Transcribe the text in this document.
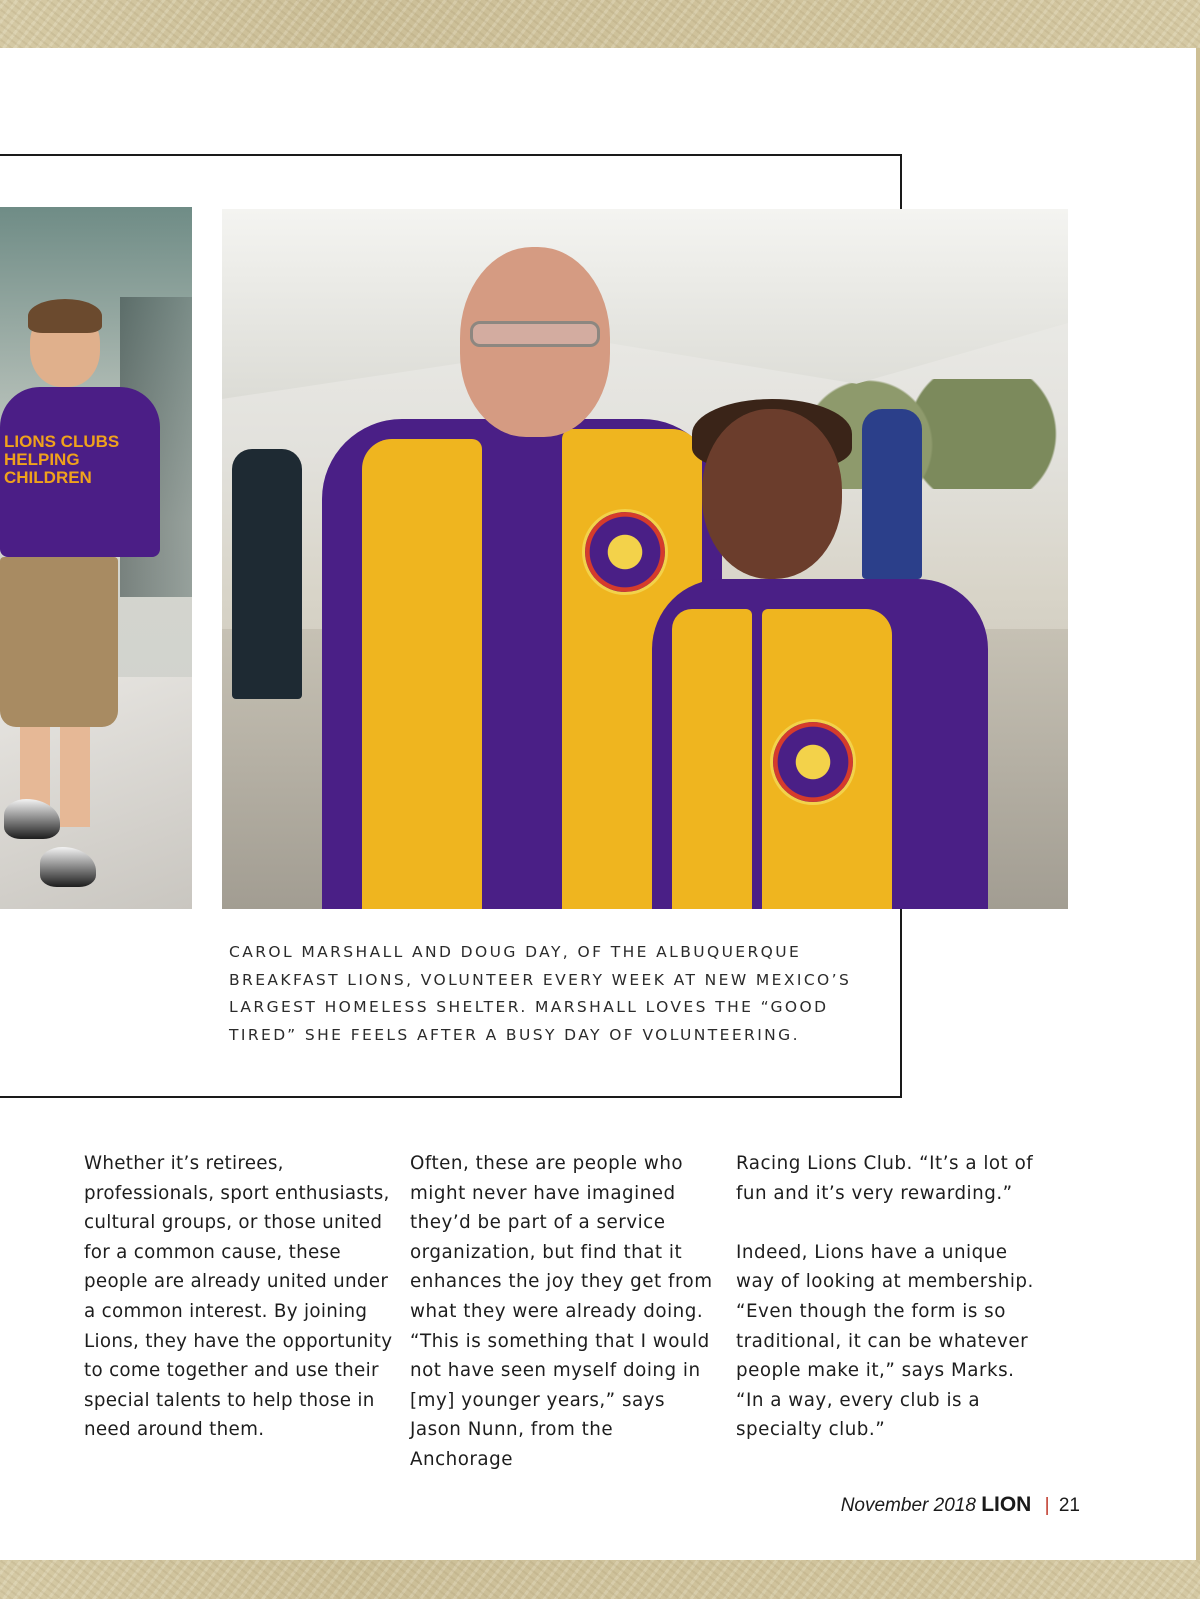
LIONS CLUBS HELPING CHILDREN

CAROL MARSHALL AND DOUG DAY, OF THE ALBUQUERQUE BREAKFAST LIONS, VOLUNTEER EVERY WEEK AT NEW MEXICO’S LARGEST HOMELESS SHELTER. MARSHALL LOVES THE “GOOD TIRED” SHE FEELS AFTER A BUSY DAY OF VOLUNTEERING.

Whether it’s retirees, professionals, sport enthusiasts, cultural groups, or those united for a common cause, these people are already united under a common interest. By joining Lions, they have the opportunity to come together and use their special talents to help those in need around them.

Often, these are people who might never have imagined they’d be part of a service organization, but find that it enhances the joy they get from what they were already doing. “This is something that I would not have seen myself doing in [my] younger years,” says Jason Nunn, from the Anchorage

Racing Lions Club. “It’s a lot of fun and it’s very rewarding.”

Indeed, Lions have a unique way of looking at membership. “Even though the form is so traditional, it can be whatever people make it,” says Marks. “In a way, every club is a specialty club.”

November 2018 LION | 21
